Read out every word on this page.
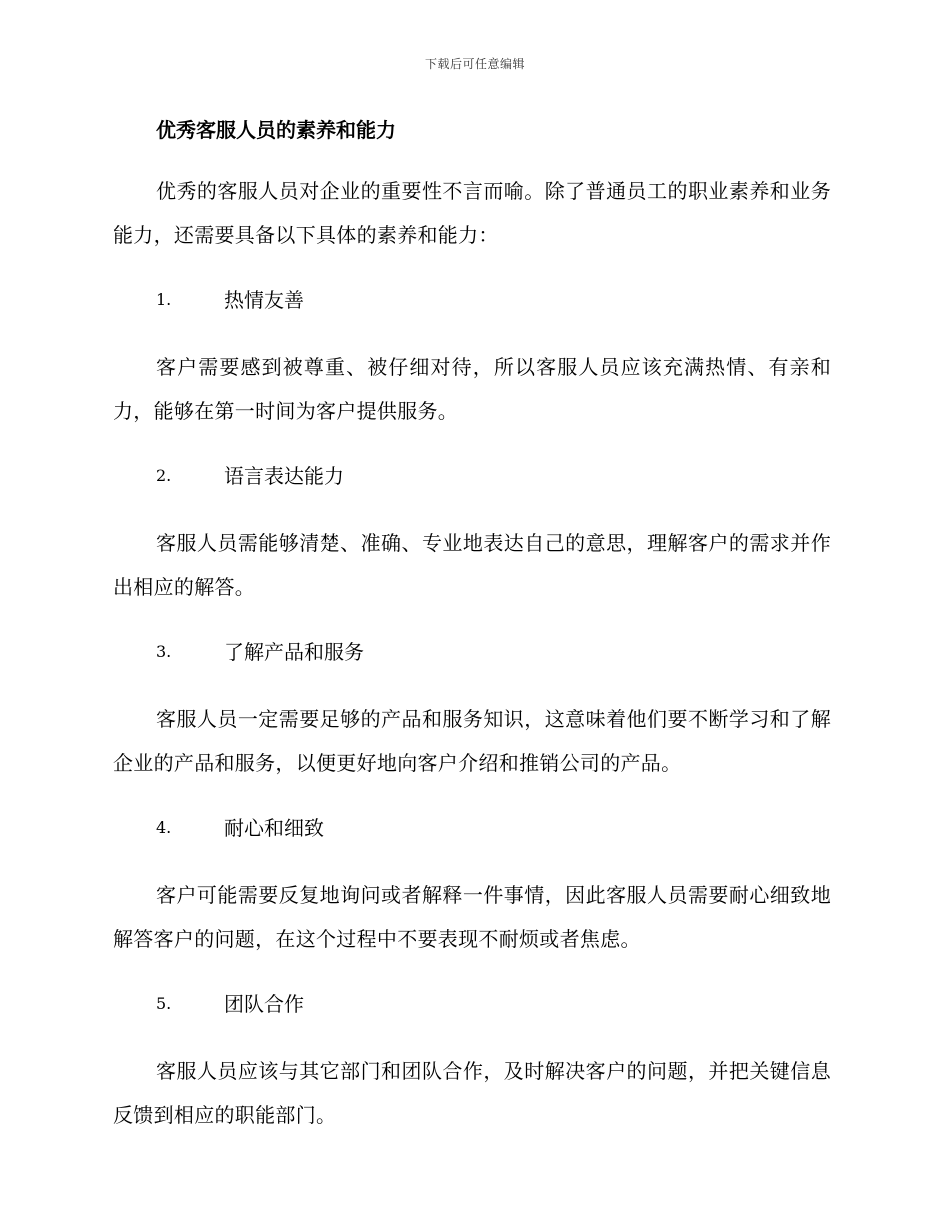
下载后可任意编辑
优秀客服人员的素养和能力

优秀的客服人员对企业的重要性不言而喻。除了普通员工的职业素养和业务能力，还需要具备以下具体的素养和能力：

1.	热情友善

客户需要感到被尊重、被仔细对待，所以客服人员应该充满热情、有亲和力，能够在第一时间为客户提供服务。

2.	语言表达能力

客服人员需能够清楚、准确、专业地表达自己的意思，理解客户的需求并作出相应的解答。

3.	了解产品和服务

客服人员一定需要足够的产品和服务知识，这意味着他们要不断学习和了解企业的产品和服务，以便更好地向客户介绍和推销公司的产品。

4.	耐心和细致

客户可能需要反复地询问或者解释一件事情，因此客服人员需要耐心细致地解答客户的问题，在这个过程中不要表现不耐烦或者焦虑。

5.	团队合作

客服人员应该与其它部门和团队合作，及时解决客户的问题，并把关键信息反馈到相应的职能部门。
